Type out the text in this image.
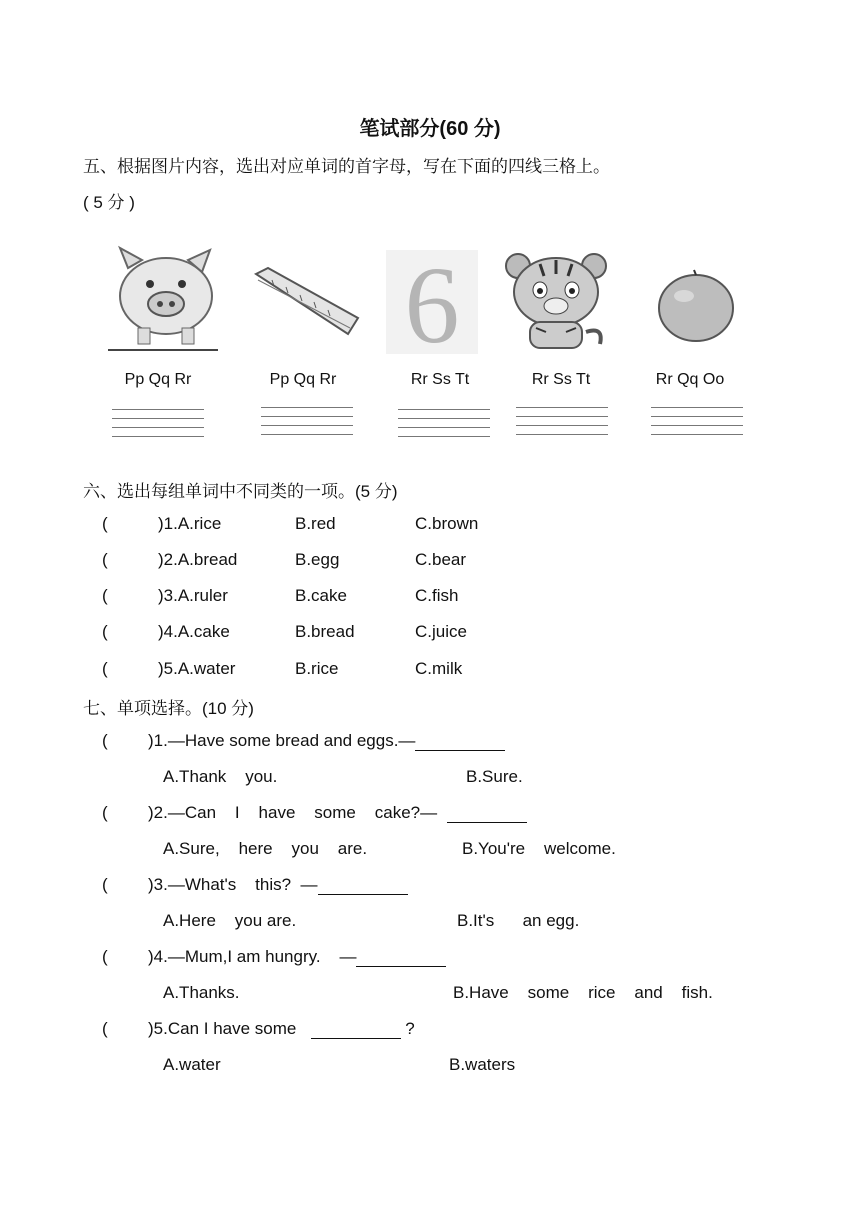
笔试部分(60 分)
五、根据图片内容，选出对应单词的首字母，写在下面的四线三格上。
( 5 分 )
6
Pp Qq Rr	Pp Qq Rr	Rr Ss Tt	Rr Ss Tt	Rr Qq Oo
六、选出每组单词中不同类的一项。(5 分)
(	)1.A.rice	B.red	C.brown
(	)2.A.bread	B.egg	C.bear
(	)3.A.ruler	B.cake	C.fish
(	)4.A.cake	B.bread	C.juice
(	)5.A.water	B.rice	C.milk
七、单项选择。(10 分)
( )1.—Have some bread and eggs.—
A.Thank    you.	B.Sure.
( )2.—Can    I    have    some    cake?—
A.Sure,    here    you    are.	B.You're    welcome.
( )3.—What's    this?  —
A.Here    you are.	B.It's      an egg.
( )4.—Mum,I am hungry.    —
A.Thanks.	B.Have    some    rice    and    fish.
( )5.Can I have some	?
A.water	B.waters
